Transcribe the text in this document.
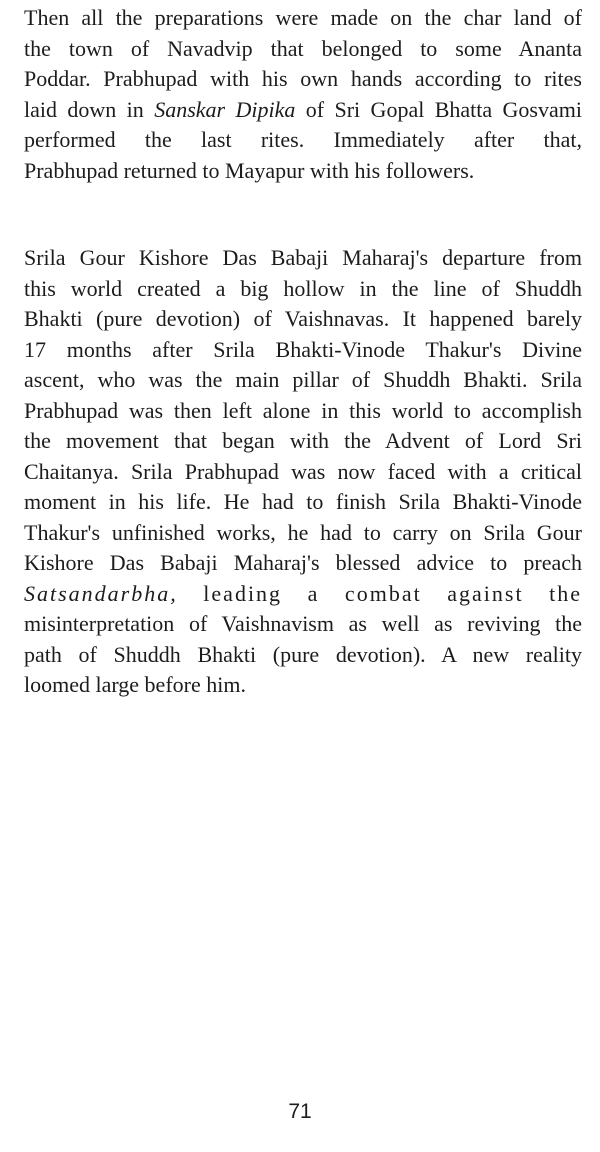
Then all the preparations were made on the char land of
the town of Navadvip that belonged to some Ananta
Poddar. Prabhupad with his own hands according to rites
laid down in Sanskar Dipika of Sri Gopal Bhatta Gosvami
performed the last rites. Immediately after that,
Prabhupad returned to Mayapur with his followers.
Srila Gour Kishore Das Babaji Maharaj's departure from
this world created a big hollow in the line of Shuddh
Bhakti (pure devotion) of Vaishnavas. It happened barely
17 months after Srila Bhakti-Vinode Thakur's Divine
ascent, who was the main pillar of Shuddh Bhakti. Srila
Prabhupad was then left alone in this world to accomplish
the movement that began with the Advent of Lord Sri
Chaitanya. Srila Prabhupad was now faced with a critical
moment in his life. He had to finish Srila Bhakti-Vinode
Thakur's unfinished works, he had to carry on Srila Gour
Kishore Das Babaji Maharaj's blessed advice to preach
Satsandarbha, leading a combat against the
misinterpretation of Vaishnavism as well as reviving the
path of Shuddh Bhakti (pure devotion). A new reality
loomed large before him.
71
